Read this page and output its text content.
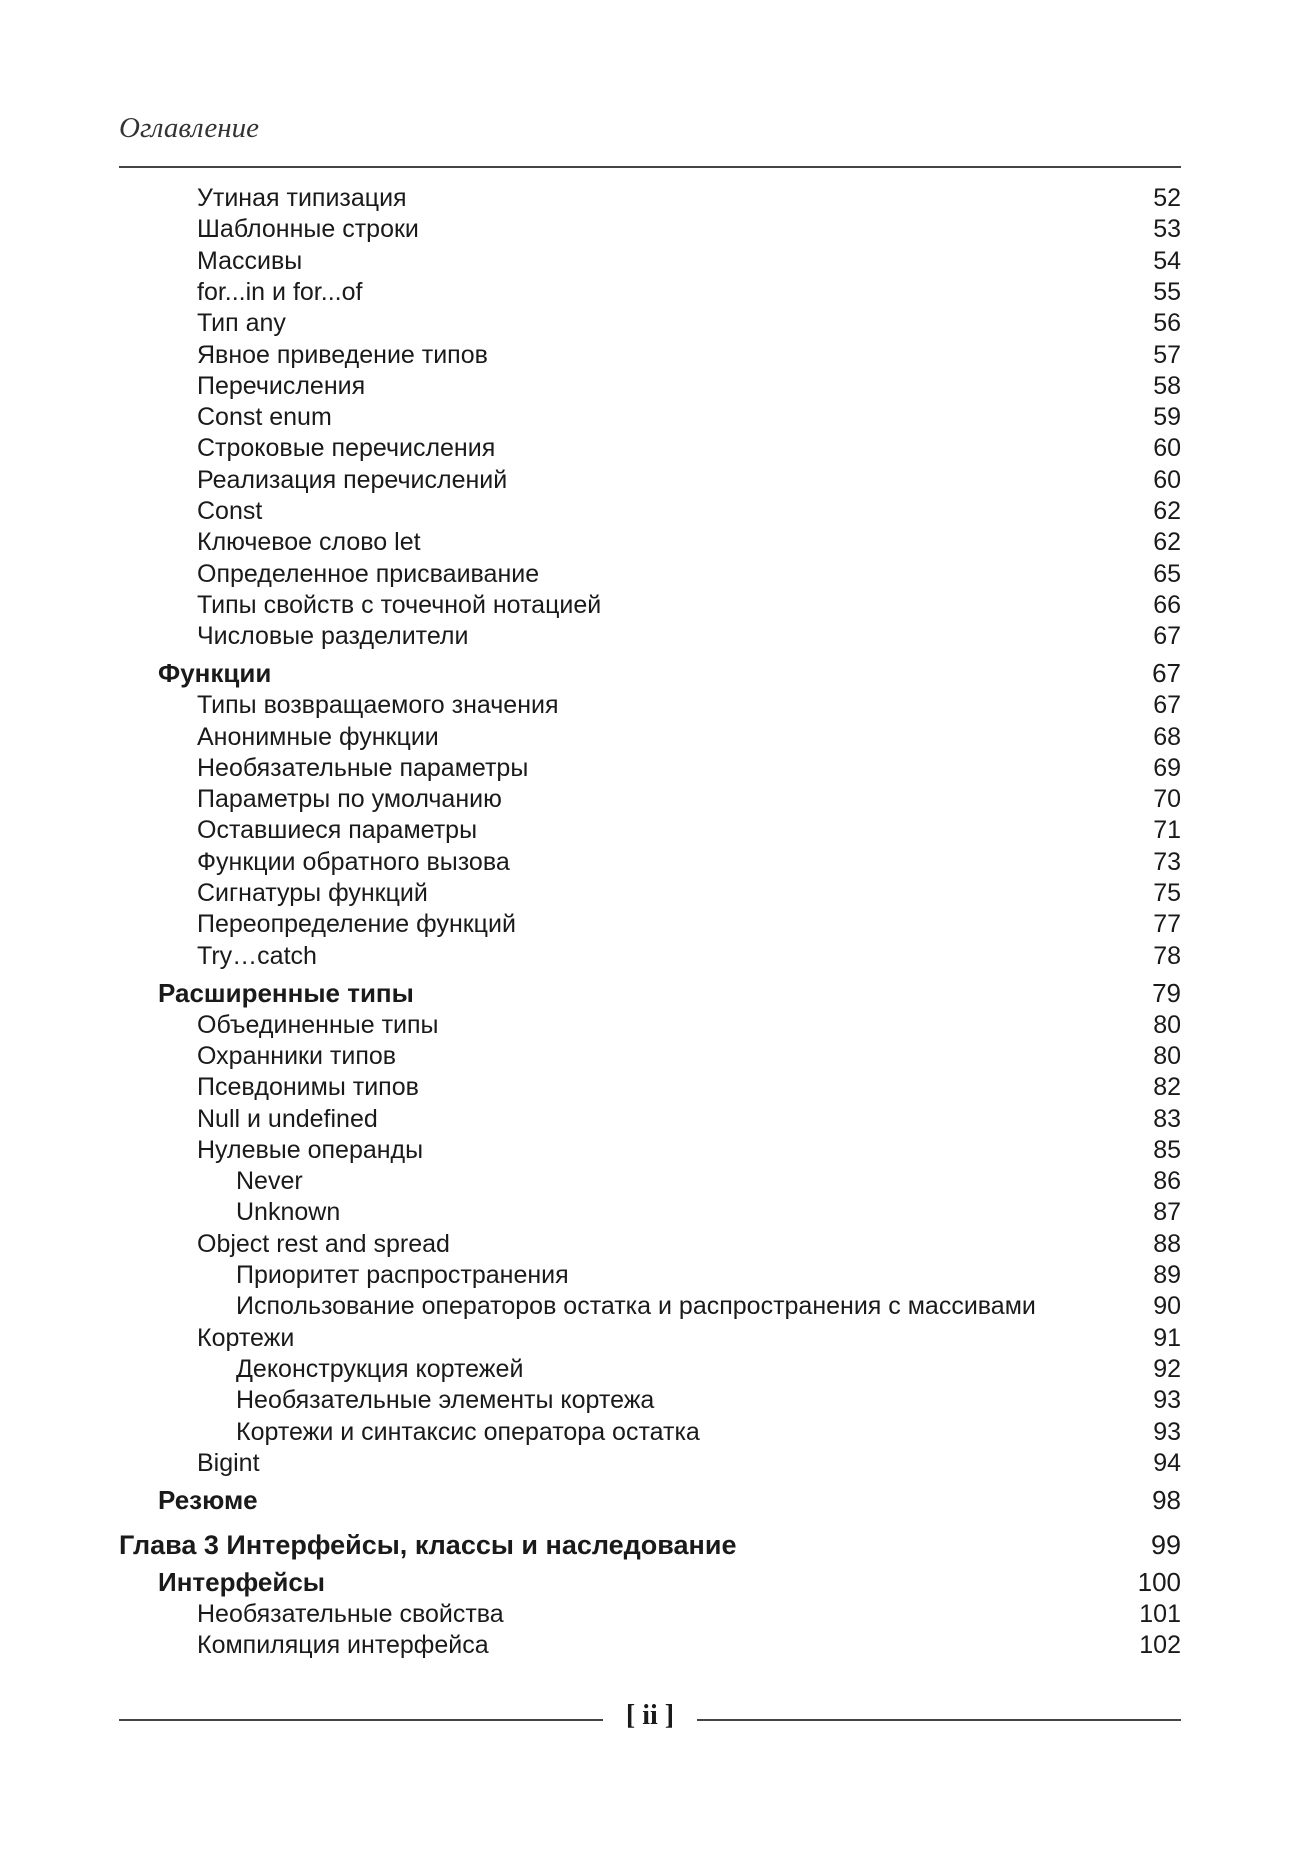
Оглавление
Утиная типизация	52
Шаблонные строки	53
Массивы	54
for...in и for...of	55
Тип any	56
Явное приведение типов	57
Перечисления	58
Const enum	59
Строковые перечисления	60
Реализация перечислений	60
Const	62
Ключевое слово let	62
Определенное присваивание	65
Типы свойств с точечной нотацией	66
Числовые разделители	67
Функции	67
Типы возвращаемого значения	67
Анонимные функции	68
Необязательные параметры	69
Параметры по умолчанию	70
Оставшиеся параметры	71
Функции обратного вызова	73
Сигнатуры функций	75
Переопределение функций	77
Try…catch	78
Расширенные типы	79
Объединенные типы	80
Охранники типов	80
Псевдонимы типов	82
Null и undefined	83
Нулевые операнды	85
Never	86
Unknown	87
Object rest and spread	88
Приоритет распространения	89
Использование операторов остатка и распространения с массивами	90
Кортежи	91
Деконструкция кортежей	92
Необязательные элементы кортежа	93
Кортежи и синтаксис оператора остатка	93
Bigint	94
Резюме	98
Глава 3 Интерфейсы, классы и наследование	99
Интерфейсы	100
Необязательные свойства	101
Компиляция интерфейса	102
[ ii ]
